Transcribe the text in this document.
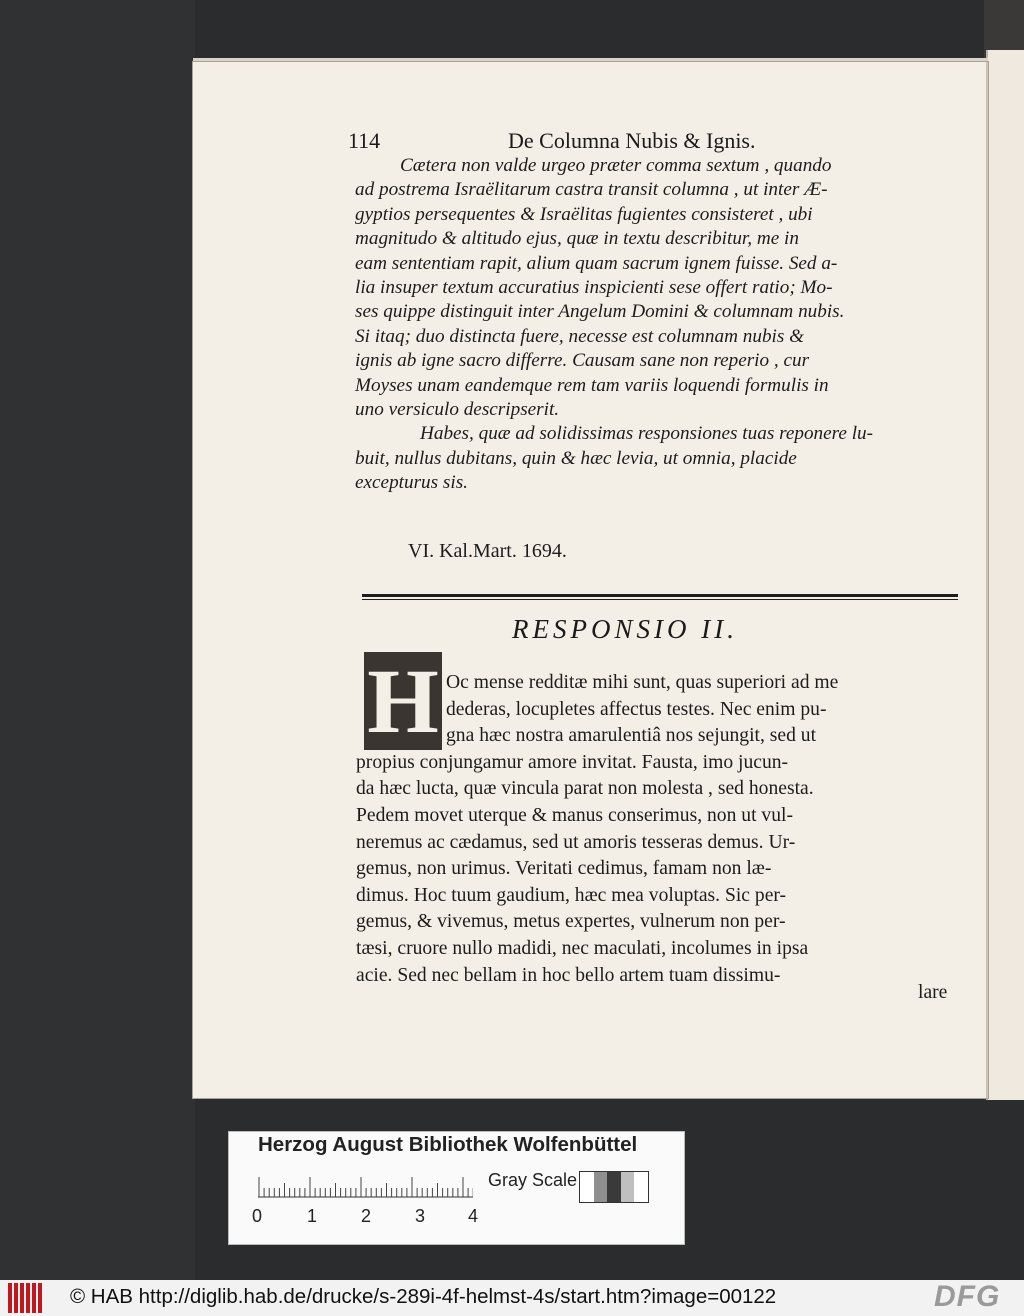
114	De Columna Nubis & Ignis.
Cætera non valde urgeo præter comma sextum , quando
ad postrema Israëlitarum castra transit columna , ut inter Æ-
gyptios persequentes & Israëlitas fugientes consisteret , ubi
magnitudo & altitudo ejus, quæ in textu describitur, me in
eam sententiam rapit, alium quam sacrum ignem fuisse. Sed a-
lia insuper textum accuratius inspicienti sese offert ratio; Mo-
ses quippe distinguit inter Angelum Domini & columnam nubis.
Si itaq; duo distincta fuere, necesse est columnam nubis &
ignis ab igne sacro differre. Causam sane non reperio , cur
Moyses unam eandemque rem tam variis loquendi formulis in
uno versiculo descripserit.
Habes, quæ ad solidissimas responsiones tuas reponere lu-
buit, nullus dubitans, quin & hæc levia, ut omnia, placide
excepturus sis.
VI. Kal.Mart. 1694.
RESPONSIO II.
H Oc mense redditæ mihi sunt, quas superiori ad me
dederas, locupletes affectus testes. Nec enim pu-
gna hæc nostra amarulentiâ nos sejungit, sed ut
propius conjungamur amore invitat. Fausta, imo jucun-
da hæc lucta, quæ vincula parat non molesta , sed honesta.
Pedem movet uterque & manus conserimus, non ut vul-
neremus ac cædamus, sed ut amoris tesseras demus. Ur-
gemus, non urimus. Veritati cedimus, famam non læ-
dimus. Hoc tuum gaudium, hæc mea voluptas. Sic per-
gemus, & vivemus, metus expertes, vulnerum non per-
tæsi, cruore nullo madidi, nec maculati, incolumes in ipsa
acie. Sed nec bellam in hoc bello artem tuam dissimu-
lare
Herzog August Bibliothek Wolfenbüttel
0 1 2 3 4
Gray Scale
© HAB http://diglib.hab.de/drucke/s-289i-4f-helmst-4s/start.htm?image=00122	DFG
